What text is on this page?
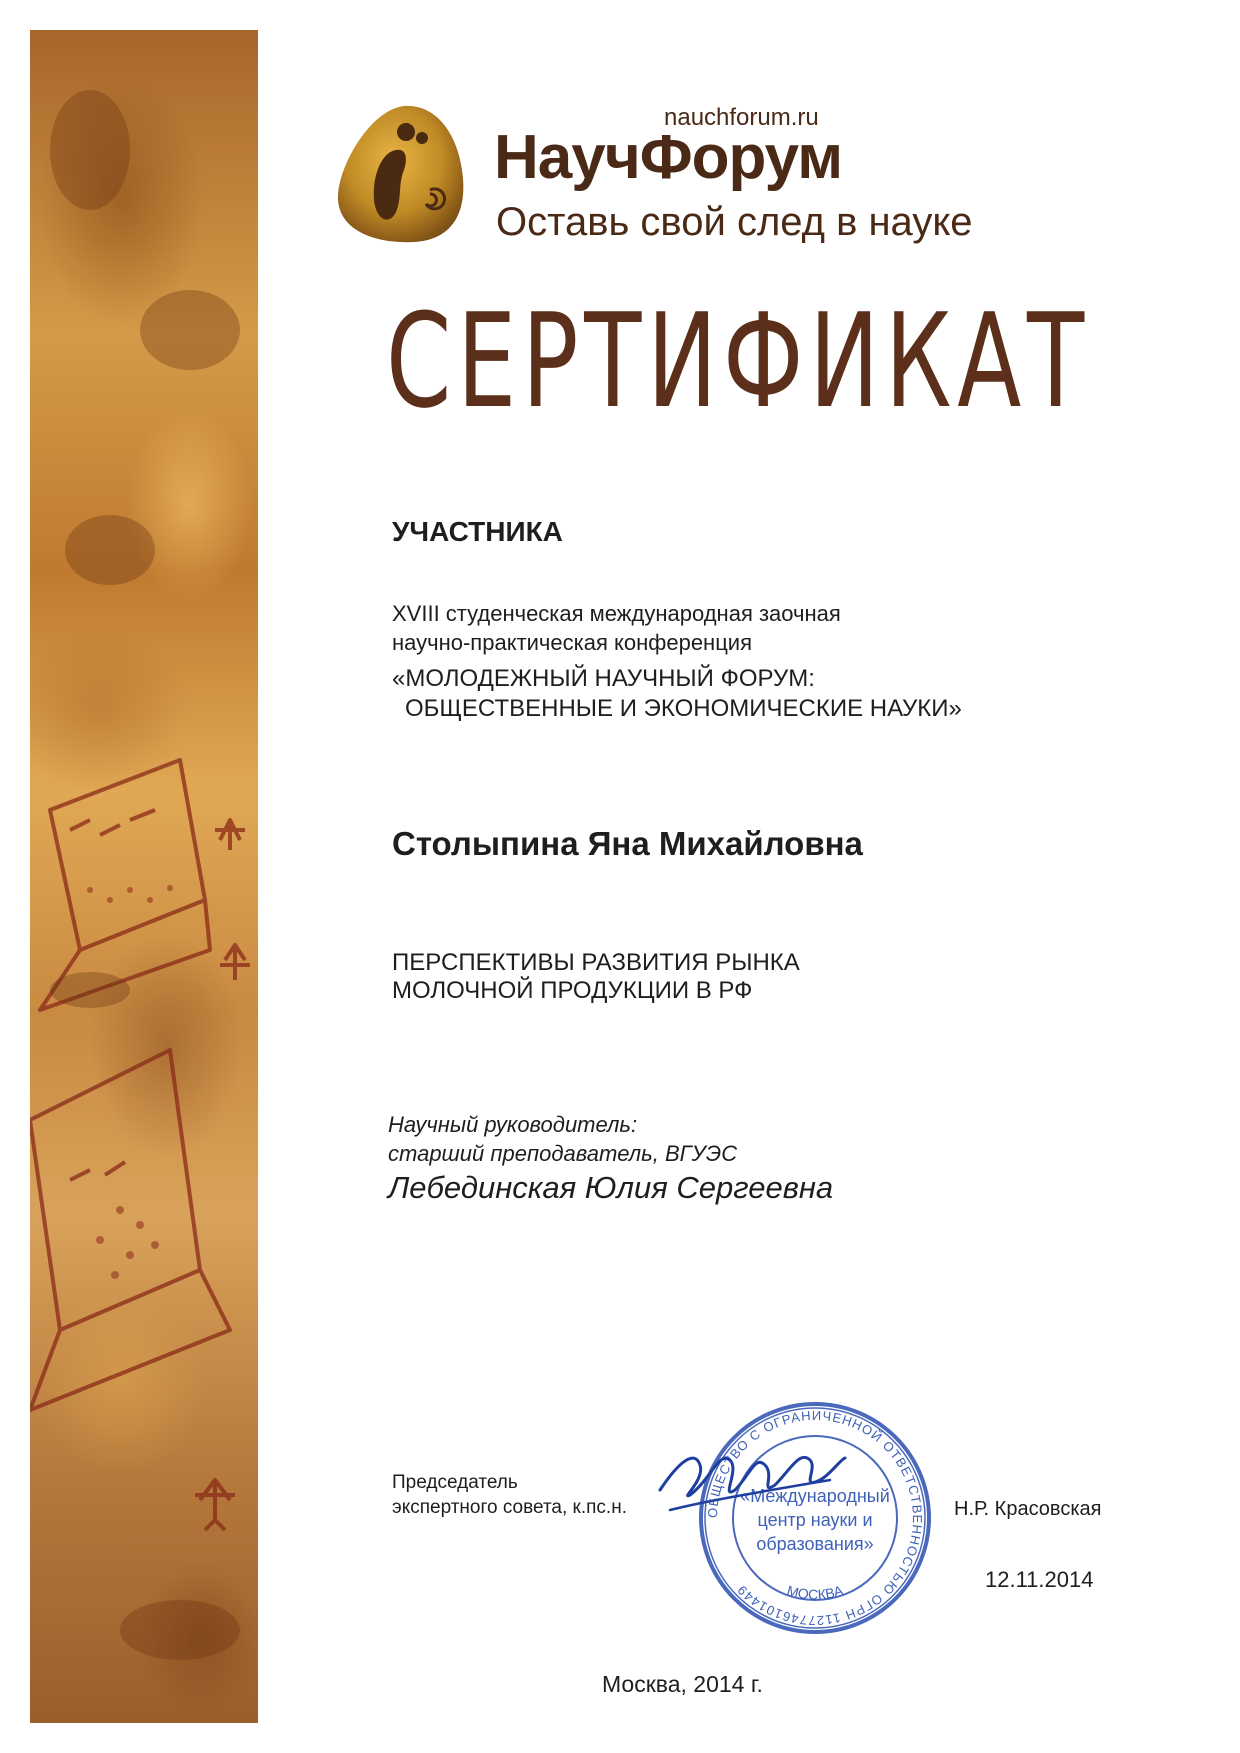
nauchforum.ru
НаучФорум
Оставь свой след в науке
СЕРТИФИКАТ
УЧАСТНИКА
XVIII студенческая международная заочная
научно-практическая конференция
«МОЛОДЕЖНЫЙ НАУЧНЫЙ ФОРУМ:
ОБЩЕСТВЕННЫЕ И ЭКОНОМИЧЕСКИЕ НАУКИ»
Столыпина Яна Михайловна
ПЕРСПЕКТИВЫ РАЗВИТИЯ РЫНКА
МОЛОЧНОЙ ПРОДУКЦИИ В РФ
Научный руководитель:
старший преподаватель, ВГУЭС
Лебединская Юлия Сергеевна
Председатель
экспертного совета, к.пс.н.	ОБЩЕСТВО С ОГРАНИЧЕННОЙ ОТВЕТСТВЕННОСТЬЮ ОГРН 1127746101449	МОСКВА
«Международный
центр науки и
образования»
Н.Р. Красовская
12.11.2014
Москва, 2014 г.
